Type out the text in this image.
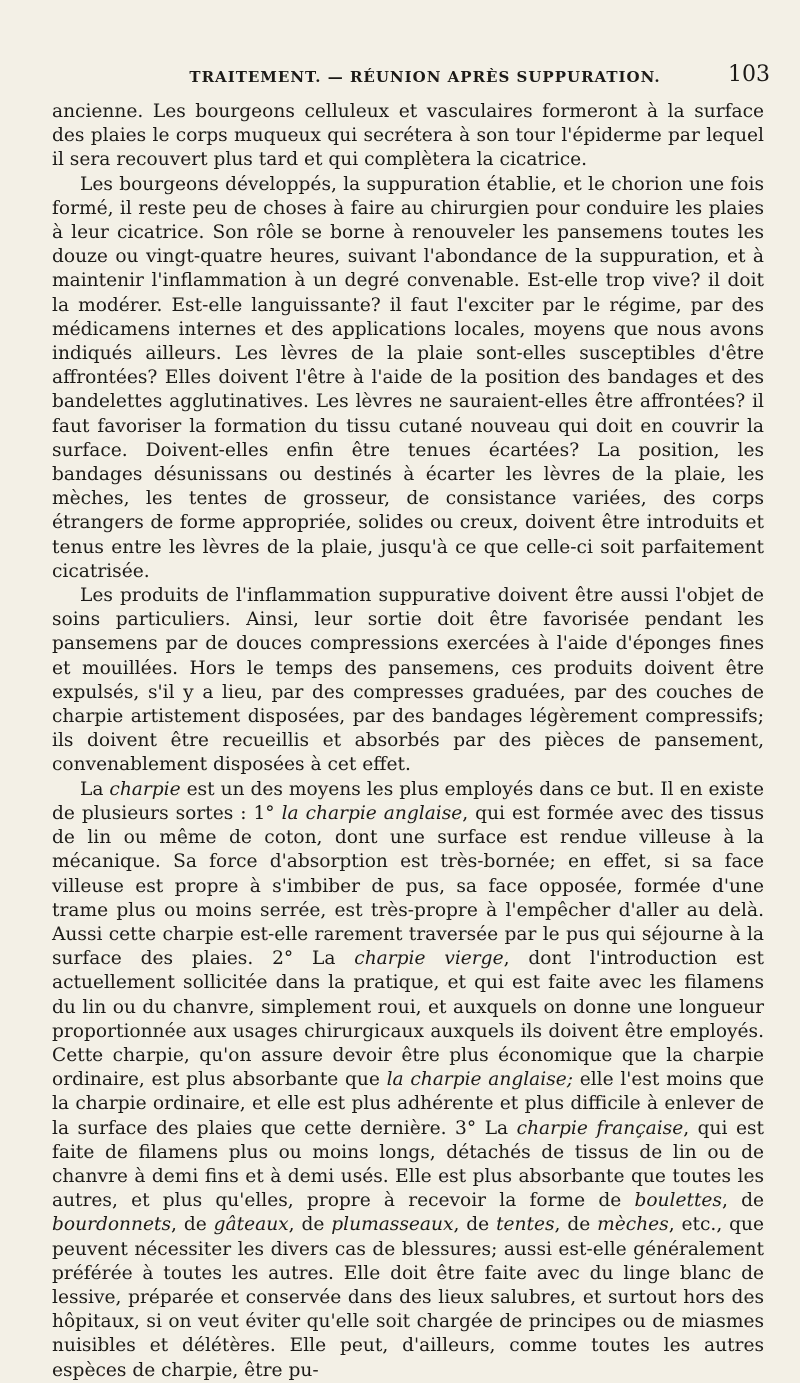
TRAITEMENT. — RÉUNION APRÈS SUPPURATION.	103

ancienne. Les bourgeons celluleux et vasculaires formeront à la surface des plaies le corps muqueux qui secrétera à son tour l'épiderme par lequel il sera recouvert plus tard et qui complètera la cicatrice.

Les bourgeons développés, la suppuration établie, et le chorion une fois formé, il reste peu de choses à faire au chirurgien pour conduire les plaies à leur cicatrice. Son rôle se borne à renouveler les pansemens toutes les douze ou vingt-quatre heures, suivant l'abondance de la suppuration, et à maintenir l'inflammation à un degré convenable. Est-elle trop vive? il doit la modérer. Est-elle languissante? il faut l'exciter par le régime, par des médicamens internes et des applications locales, moyens que nous avons indiqués ailleurs. Les lèvres de la plaie sont-elles susceptibles d'être affrontées? Elles doivent l'être à l'aide de la position des bandages et des bandelettes agglutinatives. Les lèvres ne sauraient-elles être affrontées? il faut favoriser la formation du tissu cutané nouveau qui doit en couvrir la surface. Doivent-elles enfin être tenues écartées? La position, les bandages désunissans ou destinés à écarter les lèvres de la plaie, les mèches, les tentes de grosseur, de consistance variées, des corps étrangers de forme appropriée, solides ou creux, doivent être introduits et tenus entre les lèvres de la plaie, jusqu'à ce que celle-ci soit parfaitement cicatrisée.

Les produits de l'inflammation suppurative doivent être aussi l'objet de soins particuliers. Ainsi, leur sortie doit être favorisée pendant les pansemens par de douces compressions exercées à l'aide d'éponges fines et mouillées. Hors le temps des pansemens, ces produits doivent être expulsés, s'il y a lieu, par des compresses graduées, par des couches de charpie artistement disposées, par des bandages légèrement compressifs; ils doivent être recueillis et absorbés par des pièces de pansement, convenablement disposées à cet effet.

La charpie est un des moyens les plus employés dans ce but. Il en existe de plusieurs sortes : 1° la charpie anglaise, qui est formée avec des tissus de lin ou même de coton, dont une surface est rendue villeuse à la mécanique. Sa force d'absorption est très-bornée; en effet, si sa face villeuse est propre à s'imbiber de pus, sa face opposée, formée d'une trame plus ou moins serrée, est très-propre à l'empêcher d'aller au delà. Aussi cette charpie est-elle rarement traversée par le pus qui séjourne à la surface des plaies. 2° La charpie vierge, dont l'introduction est actuellement sollicitée dans la pratique, et qui est faite avec les filamens du lin ou du chanvre, simplement roui, et auxquels on donne une longueur proportionnée aux usages chirurgicaux auxquels ils doivent être employés. Cette charpie, qu'on assure devoir être plus économique que la charpie ordinaire, est plus absorbante que la charpie anglaise; elle l'est moins que la charpie ordinaire, et elle est plus adhérente et plus difficile à enlever de la surface des plaies que cette dernière. 3° La charpie française, qui est faite de filamens plus ou moins longs, détachés de tissus de lin ou de chanvre à demi fins et à demi usés. Elle est plus absorbante que toutes les autres, et plus qu'elles, propre à recevoir la forme de boulettes, de bourdonnets, de gâteaux, de plumasseaux, de tentes, de mèches, etc., que peuvent nécessiter les divers cas de blessures; aussi est-elle généralement préférée à toutes les autres. Elle doit être faite avec du linge blanc de lessive, préparée et conservée dans des lieux salubres, et surtout hors des hôpitaux, si on veut éviter qu'elle soit chargée de principes ou de miasmes nuisibles et délétères. Elle peut, d'ailleurs, comme toutes les autres espèces de charpie, être pu-
